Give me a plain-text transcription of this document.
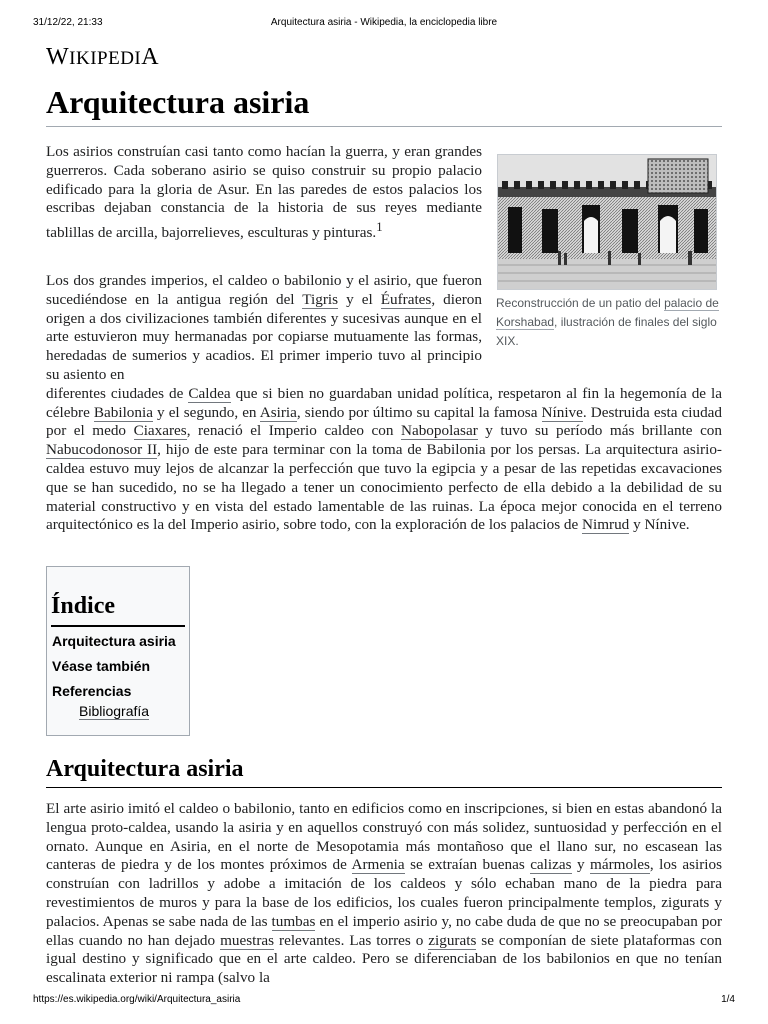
31/12/22, 21:33	Arquitectura asiria - Wikipedia, la enciclopedia libre
WIKIPEDIA
Arquitectura asiria

Los asirios construían casi tanto como hacían la guerra, y eran grandes guerreros. Cada soberano asirio se quiso construir su propio palacio edificado para la gloria de Asur. En las paredes de estos palacios los escribas dejaban constancia de la historia de sus reyes mediante tablillas de arcilla, bajorrelieves, esculturas y pinturas.$^1$

Reconstrucción de un patio del palacio de Korshabad, ilustración de finales del siglo XIX.

Los dos grandes imperios, el caldeo o babilonio y el asirio, que fueron sucediéndose en la antigua región del Tigris y el Éufrates, dieron origen a dos civilizaciones también diferentes y sucesivas aunque en el arte estuvieron muy hermanadas por copiarse mutuamente las formas, heredadas de sumerios y acadios. El primer imperio tuvo al principio su asiento en
diferentes ciudades de Caldea que si bien no guardaban unidad política, respetaron al fin la hegemonía de la célebre Babilonia y el segundo, en Asiria, siendo por último su capital la famosa Nínive. Destruida esta ciudad por el medo Ciaxares, renació el Imperio caldeo con Nabopolasar y tuvo su período más brillante con Nabucodonosor II, hijo de este para terminar con la toma de Babilonia por los persas. La arquitectura asirio-caldea estuvo muy lejos de alcanzar la perfección que tuvo la egipcia y a pesar de las repetidas excavaciones que se han sucedido, no se ha llegado a tener un conocimiento perfecto de ella debido a la debilidad de su material constructivo y en vista del estado lamentable de las ruinas. La época mejor conocida en el terreno arquitectónico es la del Imperio asirio, sobre todo, con la exploración de los palacios de Nimrud y Nínive.

Índice
Arquitectura asiria
Véase también
Referencias
Bibliografía
Arquitectura asiria

El arte asirio imitó el caldeo o babilonio, tanto en edificios como en inscripciones, si bien en estas abandonó la lengua proto-caldea, usando la asiria y en aquellos construyó con más solidez, suntuosidad y perfección en el ornato. Aunque en Asiria, en el norte de Mesopotamia más montañoso que el llano sur, no escasean las canteras de piedra y de los montes próximos de Armenia se extraían buenas calizas y mármoles, los asirios construían con ladrillos y adobe a imitación de los caldeos y sólo echaban mano de la piedra para revestimientos de muros y para la base de los edificios, los cuales fueron principalmente templos, zigurats y palacios. Apenas se sabe nada de las tumbas en el imperio asirio y, no cabe duda de que no se preocupaban por ellas cuando no han dejado muestras relevantes. Las torres o zigurats se componían de siete plataformas con igual destino y significado que en el arte caldeo. Pero se diferenciaban de los babilonios en que no tenían escalinata exterior ni rampa (salvo la

https://es.wikipedia.org/wiki/Arquitectura_asiria	1/4
